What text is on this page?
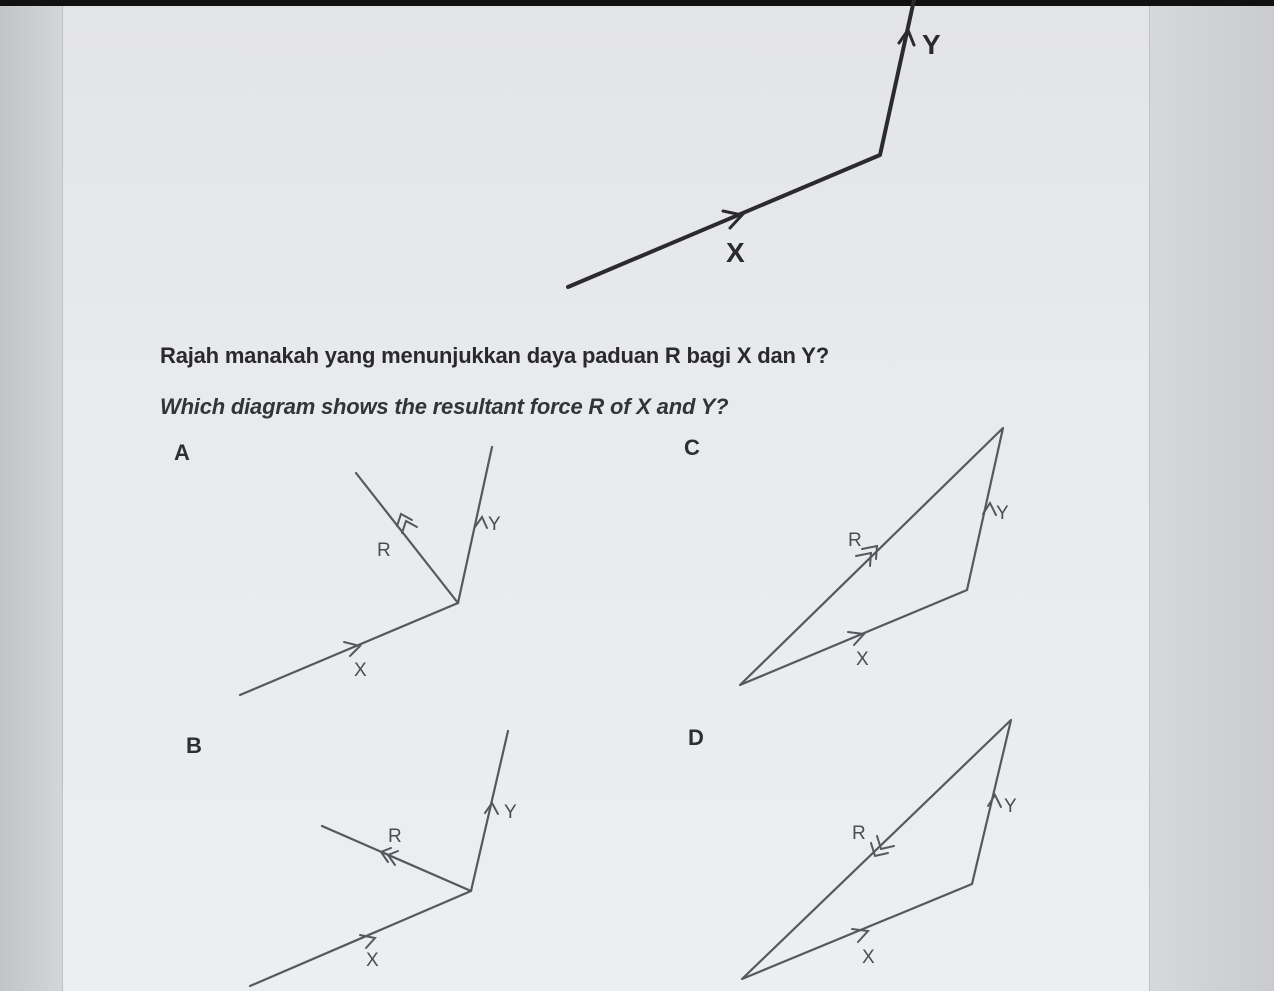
X
Y
X
Y
R
X
Y
R
X
Y
R
X
Y
R
Rajah manakah yang menunjukkan daya paduan R bagi X dan Y?
Which diagram shows the resultant force R of X and Y?
A
B
C
D
